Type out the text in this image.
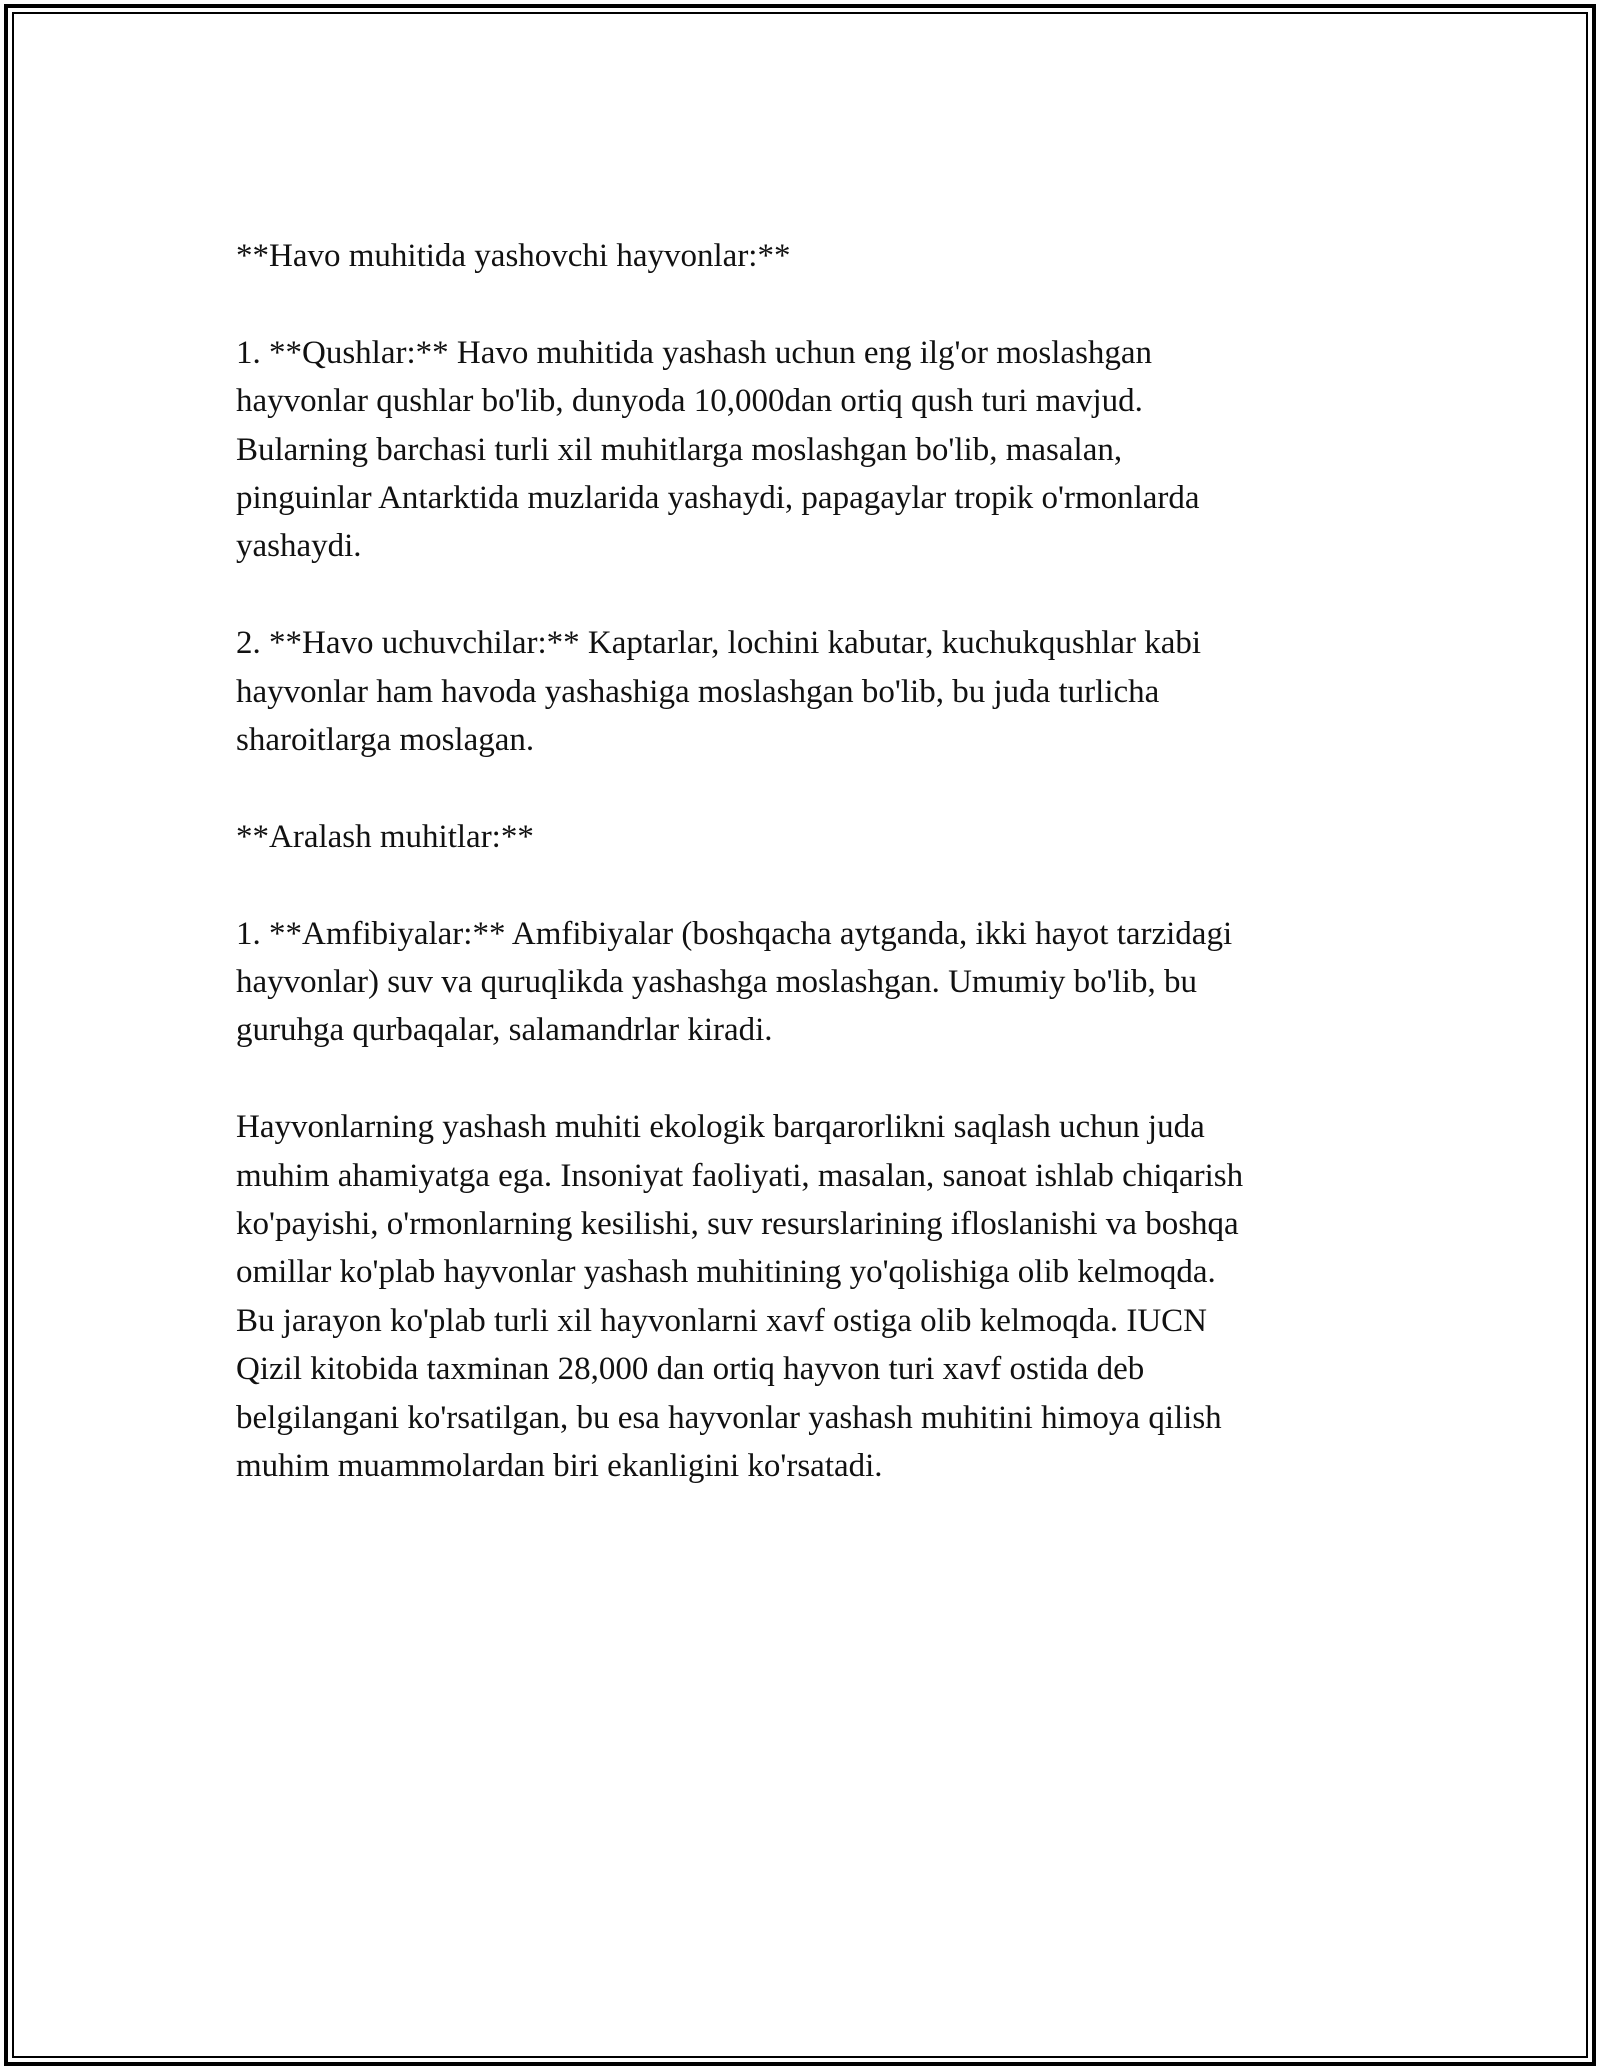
**Havo muhitida yashovchi hayvonlar:**

1. **Qushlar:** Havo muhitida yashash uchun eng ilg'or moslashgan
hayvonlar qushlar bo'lib, dunyoda 10,000dan ortiq qush turi mavjud.
Bularning barchasi turli xil muhitlarga moslashgan bo'lib, masalan,
pinguinlar Antarktida muzlarida yashaydi, papagaylar tropik o'rmonlarda
yashaydi.

2. **Havo uchuvchilar:** Kaptarlar, lochini kabutar, kuchukqushlar kabi
hayvonlar ham havoda yashashiga moslashgan bo'lib, bu juda turlicha
sharoitlarga moslagan.

**Aralash muhitlar:**

1. **Amfibiyalar:** Amfibiyalar (boshqacha aytganda, ikki hayot tarzidagi
hayvonlar) suv va quruqlikda yashashga moslashgan. Umumiy bo'lib, bu
guruhga qurbaqalar, salamandrlar kiradi.

Hayvonlarning yashash muhiti ekologik barqarorlikni saqlash uchun juda
muhim ahamiyatga ega. Insoniyat faoliyati, masalan, sanoat ishlab chiqarish
ko'payishi, o'rmonlarning kesilishi, suv resurslarining ifloslanishi va boshqa
omillar ko'plab hayvonlar yashash muhitining yo'qolishiga olib kelmoqda.
Bu jarayon ko'plab turli xil hayvonlarni xavf ostiga olib kelmoqda. IUCN
Qizil kitobida taxminan 28,000 dan ortiq hayvon turi xavf ostida deb
belgilangani ko'rsatilgan, bu esa hayvonlar yashash muhitini himoya qilish
muhim muammolardan biri ekanligini ko'rsatadi.
